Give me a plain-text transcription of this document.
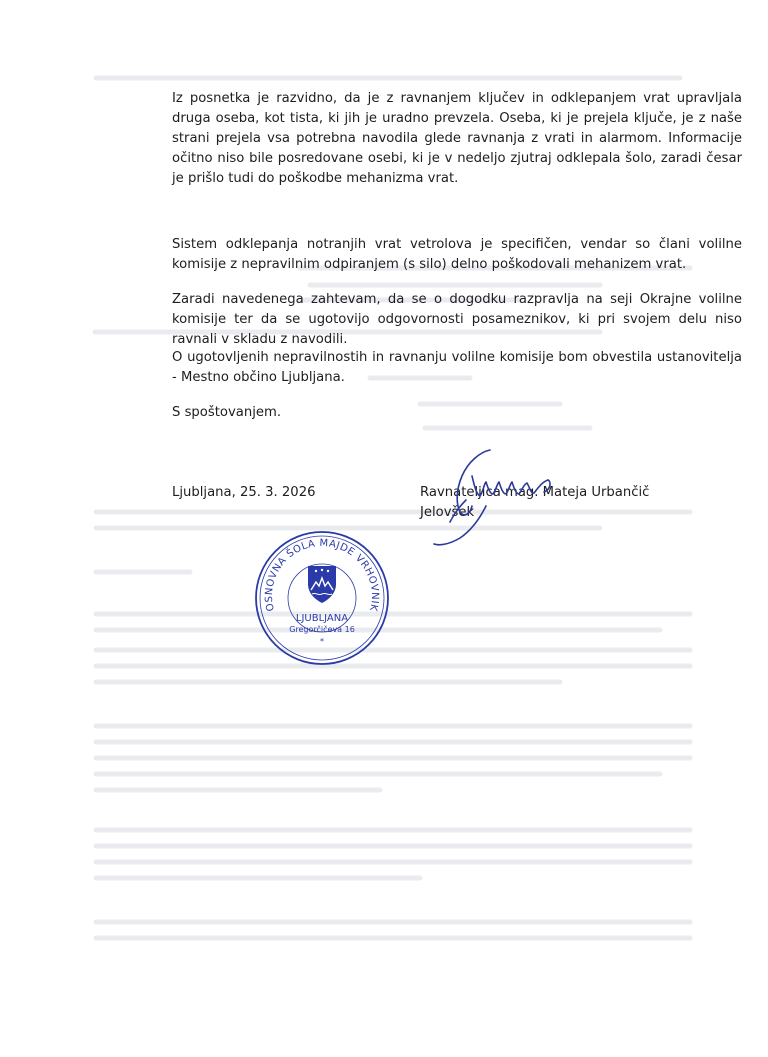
Iz posnetka je razvidno, da je z ravnanjem ključev in odklepanjem vrat upravljala druga oseba, kot tista, ki jih je uradno prevzela. Oseba, ki je prejela ključe, je z naše strani prejela vsa potrebna navodila glede ravnanja z vrati in alarmom. Informacije očitno niso bile posredovane osebi, ki je v nedeljo zjutraj odklepala šolo, zaradi česar je prišlo tudi do poškodbe mehanizma vrat.

Sistem odklepanja notranjih vrat vetrolova je specifičen, vendar so člani volilne komisije z nepravilnim odpiranjem (s silo) delno poškodovali mehanizem vrat.

Zaradi navedenega zahtevam, da se o dogodku razpravlja na seji Okrajne volilne komisije ter da se ugotovijo odgovornosti posameznikov, ki pri svojem delu niso ravnali v skladu z navodili.

O ugotovljenih nepravilnostih in ravnanju volilne komisije bom obvestila ustanovitelja - Mestno občino Ljubljana.

S spoštovanjem.
Ljubljana, 25. 3. 2026	Ravnateljica mag. Mateja Urbančič Jelovšek
OSNOVNA ŠOLA MAJDE VRHOVNIK
LJUBLJANA
Gregorčičeva 16
*
